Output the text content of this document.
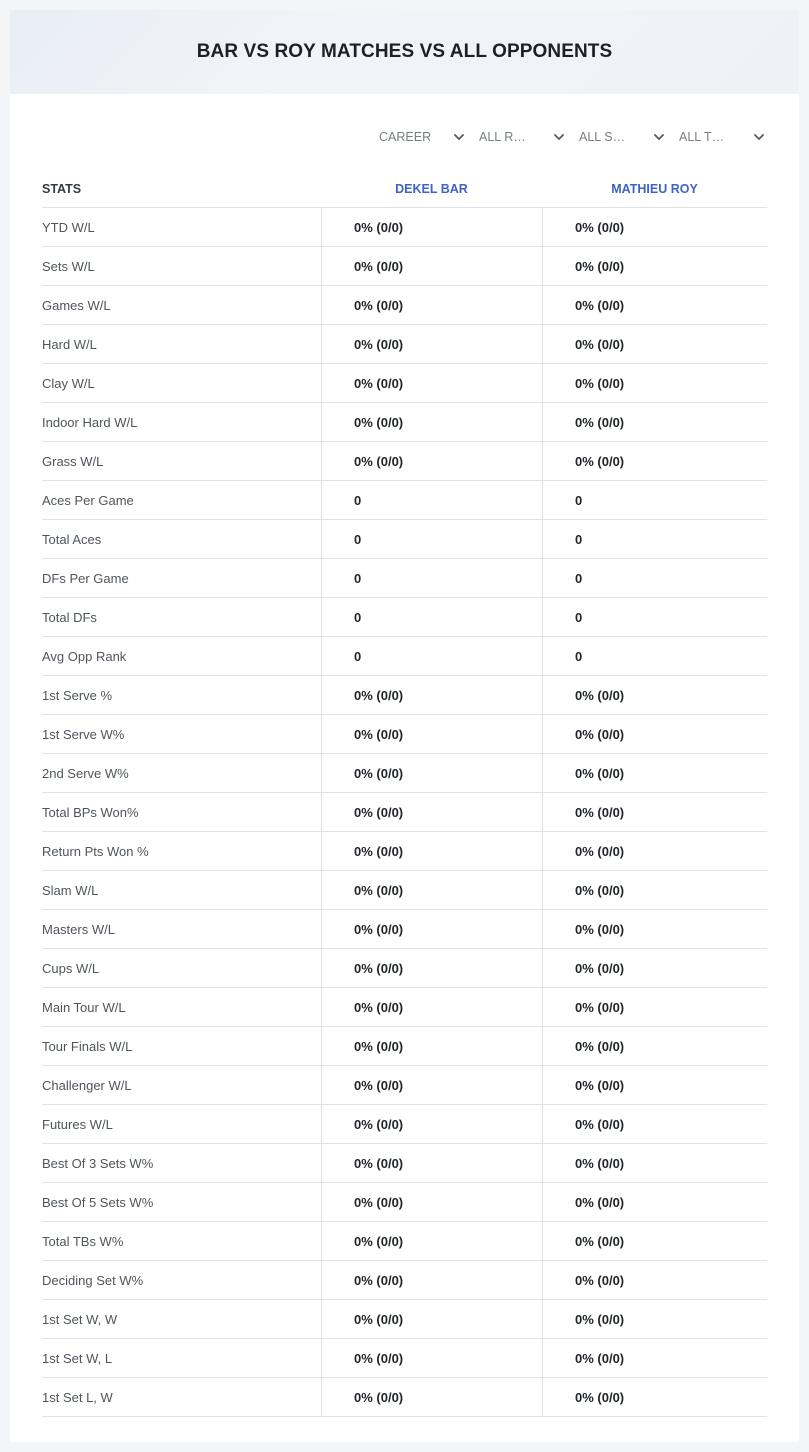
BAR VS ROY MATCHES VS ALL OPPONENTS
CAREER	ALL R…	ALL S…	ALL T…
STATS	DEKEL BAR	MATHIEU ROY
YTD W/L	0% (0/0)	0% (0/0)
Sets W/L	0% (0/0)	0% (0/0)
Games W/L	0% (0/0)	0% (0/0)
Hard W/L	0% (0/0)	0% (0/0)
Clay W/L	0% (0/0)	0% (0/0)
Indoor Hard W/L	0% (0/0)	0% (0/0)
Grass W/L	0% (0/0)	0% (0/0)
Aces Per Game	0	0
Total Aces	0	0
DFs Per Game	0	0
Total DFs	0	0
Avg Opp Rank	0	0
1st Serve %	0% (0/0)	0% (0/0)
1st Serve W%	0% (0/0)	0% (0/0)
2nd Serve W%	0% (0/0)	0% (0/0)
Total BPs Won%	0% (0/0)	0% (0/0)
Return Pts Won %	0% (0/0)	0% (0/0)
Slam W/L	0% (0/0)	0% (0/0)
Masters W/L	0% (0/0)	0% (0/0)
Cups W/L	0% (0/0)	0% (0/0)
Main Tour W/L	0% (0/0)	0% (0/0)
Tour Finals W/L	0% (0/0)	0% (0/0)
Challenger W/L	0% (0/0)	0% (0/0)
Futures W/L	0% (0/0)	0% (0/0)
Best Of 3 Sets W%	0% (0/0)	0% (0/0)
Best Of 5 Sets W%	0% (0/0)	0% (0/0)
Total TBs W%	0% (0/0)	0% (0/0)
Deciding Set W%	0% (0/0)	0% (0/0)
1st Set W, W	0% (0/0)	0% (0/0)
1st Set W, L	0% (0/0)	0% (0/0)
1st Set L, W	0% (0/0)	0% (0/0)
